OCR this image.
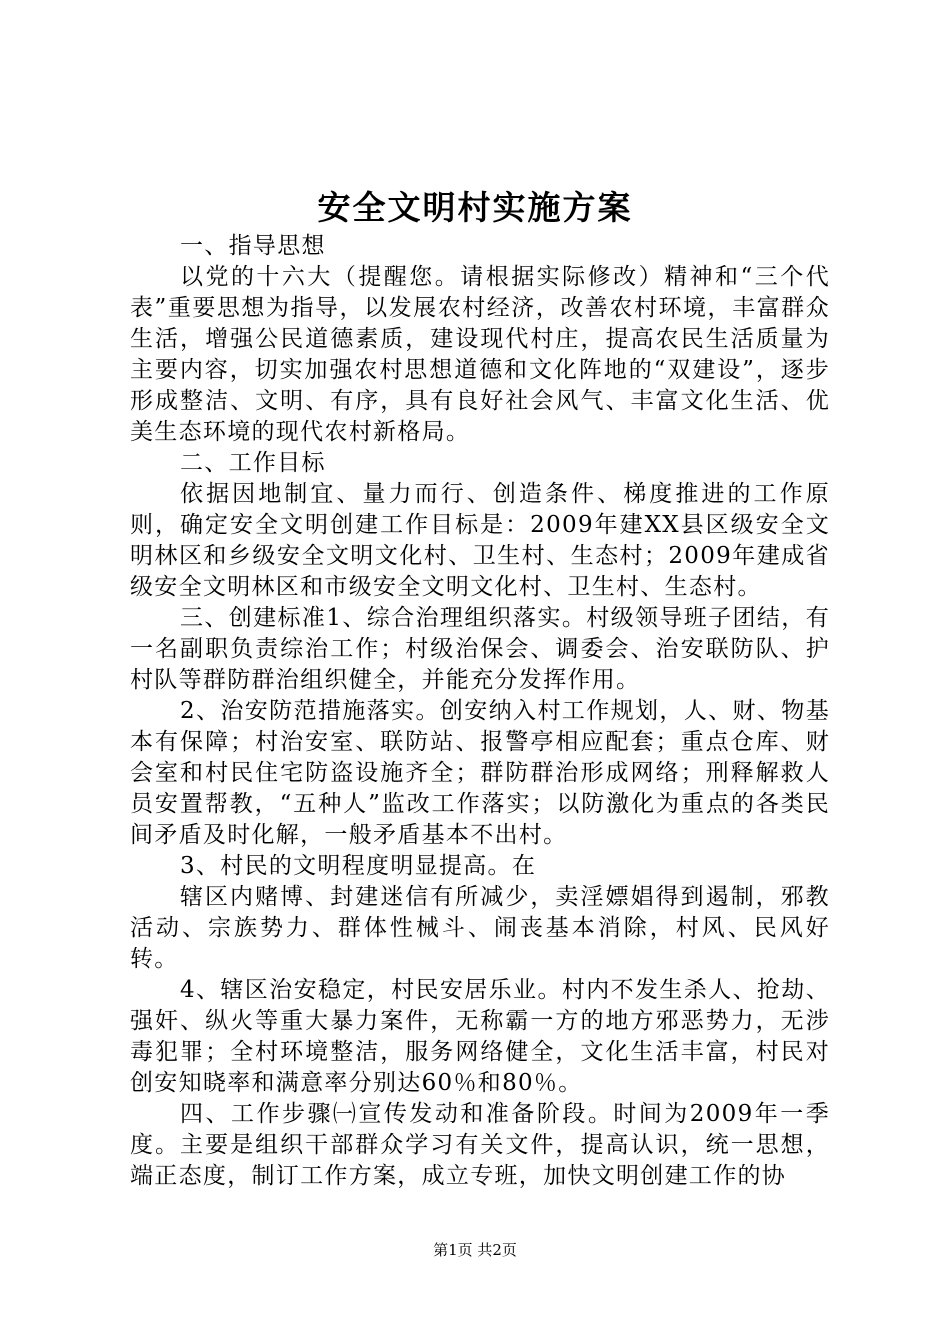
安全文明村实施方案

一、指导思想

以党的十六大（提醒您。请根据实际修改）精神和“三个代表”重要思想为指导，以发展农村经济，改善农村环境，丰富群众生活，增强公民道德素质，建设现代村庄，提高农民生活质量为主要内容，切实加强农村思想道德和文化阵地的“双建设”，逐步形成整洁、文明、有序，具有良好社会风气、丰富文化生活、优美生态环境的现代农村新格局。

二、工作目标

依据因地制宜、量力而行、创造条件、梯度推进的工作原则，确定安全文明创建工作目标是：2009年建XX县区级安全文明林区和乡级安全文明文化村、卫生村、生态村；2009年建成省级安全文明林区和市级安全文明文化村、卫生村、生态村。

三、创建标准1、综合治理组织落实。村级领导班子团结，有一名副职负责综治工作；村级治保会、调委会、治安联防队、护村队等群防群治组织健全，并能充分发挥作用。

2、治安防范措施落实。创安纳入村工作规划，人、财、物基本有保障；村治安室、联防站、报警亭相应配套；重点仓库、财会室和村民住宅防盗设施齐全；群防群治形成网络；刑释解救人员安置帮教，“五种人”监改工作落实；以防激化为重点的各类民间矛盾及时化解，一般矛盾基本不出村。

3、村民的文明程度明显提高。在

辖区内赌博、封建迷信有所减少，卖淫嫖娼得到遏制，邪教活动、宗族势力、群体性械斗、闹丧基本消除，村风、民风好转。

4、辖区治安稳定，村民安居乐业。村内不发生杀人、抢劫、强奸、纵火等重大暴力案件，无称霸一方的地方邪恶势力，无涉毒犯罪；全村环境整洁，服务网络健全，文化生活丰富，村民对创安知晓率和满意率分别达60％和80％。

四、工作步骤㈠宣传发动和准备阶段。时间为2009年一季度。主要是组织干部群众学习有关文件，提高认识，统一思想，端正态度，制订工作方案，成立专班，加快文明创建工作的协

第1页 共2页
